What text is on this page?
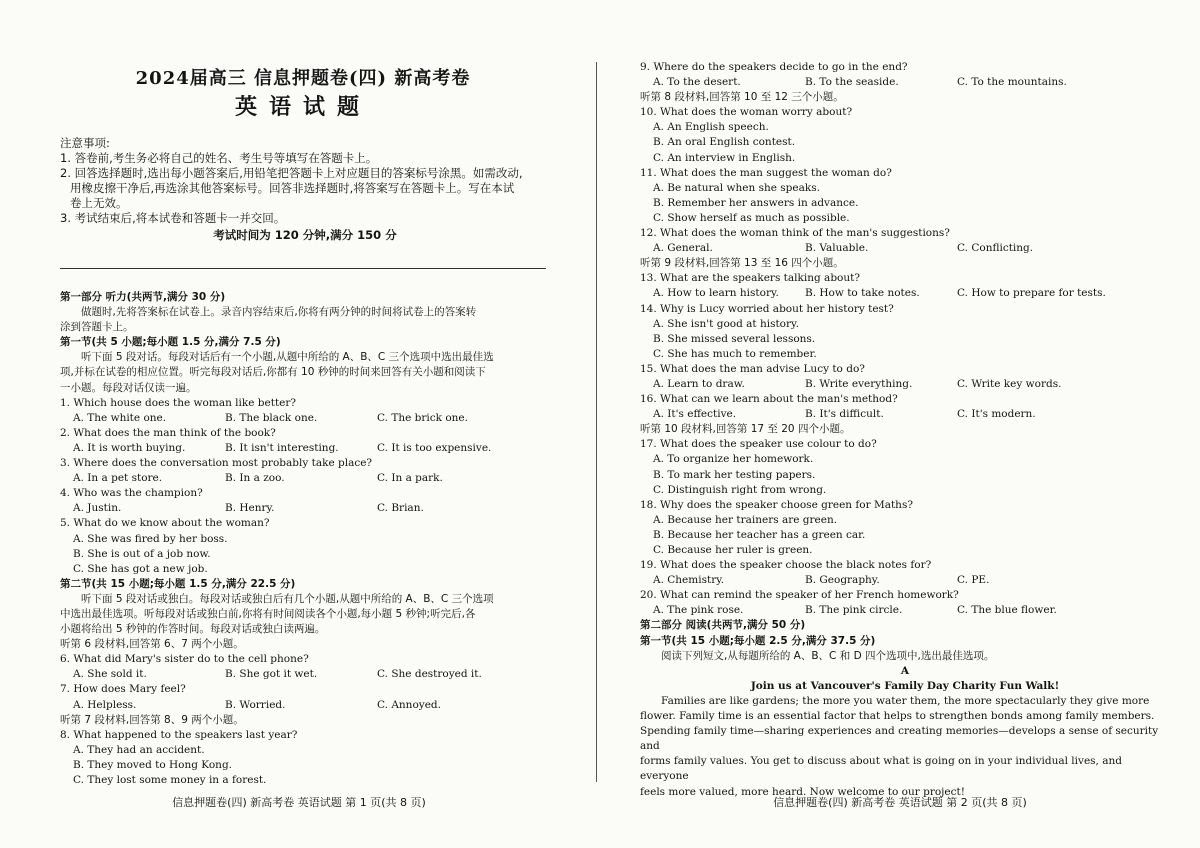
2024届高三 信息押题卷(四) 新高考卷
英语试题
注意事项:
1. 答卷前,考生务必将自己的姓名、考生号等填写在答题卡上。
2. 回答选择题时,选出每小题答案后,用铅笔把答题卡上对应题目的答案标号涂黑。如需改动,
用橡皮擦干净后,再选涂其他答案标号。回答非选择题时,将答案写在答题卡上。写在本试
卷上无效。
3. 考试结束后,将本试卷和答题卡一并交回。
考试时间为 120 分钟,满分 150 分
第一部分 听力(共两节,满分 30 分)
做题时,先将答案标在试卷上。录音内容结束后,你将有两分钟的时间将试卷上的答案转
涂到答题卡上。
第一节(共 5 小题;每小题 1.5 分,满分 7.5 分)
听下面 5 段对话。每段对话后有一个小题,从题中所给的 A、B、C 三个选项中选出最佳选
项,并标在试卷的相应位置。听完每段对话后,你都有 10 秒钟的时间来回答有关小题和阅读下
一小题。每段对话仅读一遍。
1. Which house does the woman like better?
A. The white one.	B. The black one.	C. The brick one.
2. What does the man think of the book?
A. It is worth buying.	B. It isn't interesting.	C. It is too expensive.
3. Where does the conversation most probably take place?
A. In a pet store.	B. In a zoo.	C. In a park.
4. Who was the champion?
A. Justin.	B. Henry.	C. Brian.
5. What do we know about the woman?
A. She was fired by her boss.
B. She is out of a job now.
C. She has got a new job.
第二节(共 15 小题;每小题 1.5 分,满分 22.5 分)
听下面 5 段对话或独白。每段对话或独白后有几个小题,从题中所给的 A、B、C 三个选项
中选出最佳选项。听每段对话或独白前,你将有时间阅读各个小题,每小题 5 秒钟;听完后,各
小题将给出 5 秒钟的作答时间。每段对话或独白读两遍。
听第 6 段材料,回答第 6、7 两个小题。
6. What did Mary's sister do to the cell phone?
A. She sold it.	B. She got it wet.	C. She destroyed it.
7. How does Mary feel?
A. Helpless.	B. Worried.	C. Annoyed.
听第 7 段材料,回答第 8、9 两个小题。
8. What happened to the speakers last year?
A. They had an accident.
B. They moved to Hong Kong.
C. They lost some money in a forest.
信息押题卷(四) 新高考卷 英语试题 第 1 页(共 8 页)
9. Where do the speakers decide to go in the end?
A. To the desert.	B. To the seaside.	C. To the mountains.
听第 8 段材料,回答第 10 至 12 三个小题。
10. What does the woman worry about?
A. An English speech.
B. An oral English contest.
C. An interview in English.
11. What does the man suggest the woman do?
A. Be natural when she speaks.
B. Remember her answers in advance.
C. Show herself as much as possible.
12. What does the woman think of the man's suggestions?
A. General.	B. Valuable.	C. Conflicting.
听第 9 段材料,回答第 13 至 16 四个小题。
13. What are the speakers talking about?
A. How to learn history.	B. How to take notes.	C. How to prepare for tests.
14. Why is Lucy worried about her history test?
A. She isn't good at history.
B. She missed several lessons.
C. She has much to remember.
15. What does the man advise Lucy to do?
A. Learn to draw.	B. Write everything.	C. Write key words.
16. What can we learn about the man's method?
A. It's effective.	B. It's difficult.	C. It's modern.
听第 10 段材料,回答第 17 至 20 四个小题。
17. What does the speaker use colour to do?
A. To organize her homework.
B. To mark her testing papers.
C. Distinguish right from wrong.
18. Why does the speaker choose green for Maths?
A. Because her trainers are green.
B. Because her teacher has a green car.
C. Because her ruler is green.
19. What does the speaker choose the black notes for?
A. Chemistry.	B. Geography.	C. PE.
20. What can remind the speaker of her French homework?
A. The pink rose.	B. The pink circle.	C. The blue flower.
第二部分 阅读(共两节,满分 50 分)
第一节(共 15 小题;每小题 2.5 分,满分 37.5 分)
阅读下列短文,从每题所给的 A、B、C 和 D 四个选项中,选出最佳选项。
A
Join us at Vancouver's Family Day Charity Fun Walk!
Families are like gardens; the more you water them, the more spectacularly they give more
flower. Family time is an essential factor that helps to strengthen bonds among family members.
Spending family time—sharing experiences and creating memories—develops a sense of security and
forms family values. You get to discuss about what is going on in your individual lives, and everyone
feels more valued, more heard. Now welcome to our project!
信息押题卷(四) 新高考卷 英语试题 第 2 页(共 8 页)
